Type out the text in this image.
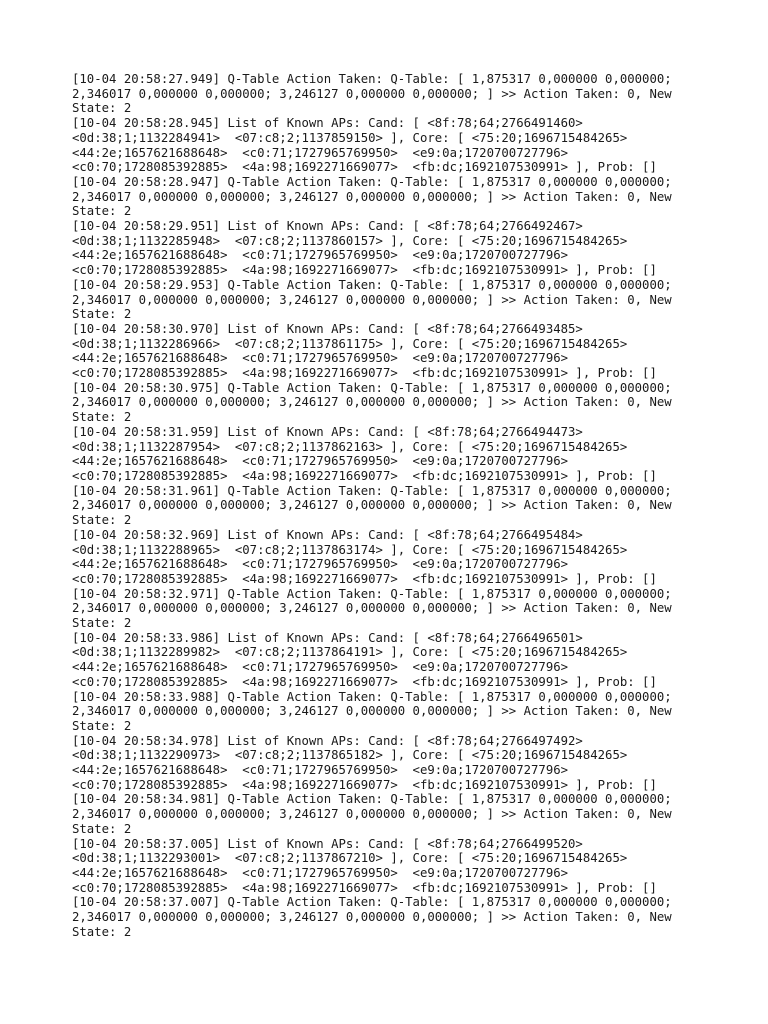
[10-04 20:58:27.949] Q-Table Action Taken: Q-Table: [ 1,875317 0,000000 0,000000;

2,346017 0,000000 0,000000; 3,246127 0,000000 0,000000; ] >> Action Taken: 0, New

State: 2

[10-04 20:58:28.945] List of Known APs: Cand: [ <8f:78;64;2766491460>

<0d:38;1;1132284941>  <07:c8;2;1137859150> ], Core: [ <75:20;1696715484265>

<44:2e;1657621688648>  <c0:71;1727965769950>  <e9:0a;1720700727796>

<c0:70;1728085392885>  <4a:98;1692271669077>  <fb:dc;1692107530991> ], Prob: []

[10-04 20:58:28.947] Q-Table Action Taken: Q-Table: [ 1,875317 0,000000 0,000000;

2,346017 0,000000 0,000000; 3,246127 0,000000 0,000000; ] >> Action Taken: 0, New

State: 2

[10-04 20:58:29.951] List of Known APs: Cand: [ <8f:78;64;2766492467>

<0d:38;1;1132285948>  <07:c8;2;1137860157> ], Core: [ <75:20;1696715484265>

<44:2e;1657621688648>  <c0:71;1727965769950>  <e9:0a;1720700727796>

<c0:70;1728085392885>  <4a:98;1692271669077>  <fb:dc;1692107530991> ], Prob: []

[10-04 20:58:29.953] Q-Table Action Taken: Q-Table: [ 1,875317 0,000000 0,000000;

2,346017 0,000000 0,000000; 3,246127 0,000000 0,000000; ] >> Action Taken: 0, New

State: 2

[10-04 20:58:30.970] List of Known APs: Cand: [ <8f:78;64;2766493485>

<0d:38;1;1132286966>  <07:c8;2;1137861175> ], Core: [ <75:20;1696715484265>

<44:2e;1657621688648>  <c0:71;1727965769950>  <e9:0a;1720700727796>

<c0:70;1728085392885>  <4a:98;1692271669077>  <fb:dc;1692107530991> ], Prob: []

[10-04 20:58:30.975] Q-Table Action Taken: Q-Table: [ 1,875317 0,000000 0,000000;

2,346017 0,000000 0,000000; 3,246127 0,000000 0,000000; ] >> Action Taken: 0, New

State: 2

[10-04 20:58:31.959] List of Known APs: Cand: [ <8f:78;64;2766494473>

<0d:38;1;1132287954>  <07:c8;2;1137862163> ], Core: [ <75:20;1696715484265>

<44:2e;1657621688648>  <c0:71;1727965769950>  <e9:0a;1720700727796>

<c0:70;1728085392885>  <4a:98;1692271669077>  <fb:dc;1692107530991> ], Prob: []

[10-04 20:58:31.961] Q-Table Action Taken: Q-Table: [ 1,875317 0,000000 0,000000;

2,346017 0,000000 0,000000; 3,246127 0,000000 0,000000; ] >> Action Taken: 0, New

State: 2

[10-04 20:58:32.969] List of Known APs: Cand: [ <8f:78;64;2766495484>

<0d:38;1;1132288965>  <07:c8;2;1137863174> ], Core: [ <75:20;1696715484265>

<44:2e;1657621688648>  <c0:71;1727965769950>  <e9:0a;1720700727796>

<c0:70;1728085392885>  <4a:98;1692271669077>  <fb:dc;1692107530991> ], Prob: []

[10-04 20:58:32.971] Q-Table Action Taken: Q-Table: [ 1,875317 0,000000 0,000000;

2,346017 0,000000 0,000000; 3,246127 0,000000 0,000000; ] >> Action Taken: 0, New

State: 2

[10-04 20:58:33.986] List of Known APs: Cand: [ <8f:78;64;2766496501>

<0d:38;1;1132289982>  <07:c8;2;1137864191> ], Core: [ <75:20;1696715484265>

<44:2e;1657621688648>  <c0:71;1727965769950>  <e9:0a;1720700727796>

<c0:70;1728085392885>  <4a:98;1692271669077>  <fb:dc;1692107530991> ], Prob: []

[10-04 20:58:33.988] Q-Table Action Taken: Q-Table: [ 1,875317 0,000000 0,000000;

2,346017 0,000000 0,000000; 3,246127 0,000000 0,000000; ] >> Action Taken: 0, New

State: 2

[10-04 20:58:34.978] List of Known APs: Cand: [ <8f:78;64;2766497492>

<0d:38;1;1132290973>  <07:c8;2;1137865182> ], Core: [ <75:20;1696715484265>

<44:2e;1657621688648>  <c0:71;1727965769950>  <e9:0a;1720700727796>

<c0:70;1728085392885>  <4a:98;1692271669077>  <fb:dc;1692107530991> ], Prob: []

[10-04 20:58:34.981] Q-Table Action Taken: Q-Table: [ 1,875317 0,000000 0,000000;

2,346017 0,000000 0,000000; 3,246127 0,000000 0,000000; ] >> Action Taken: 0, New

State: 2

[10-04 20:58:37.005] List of Known APs: Cand: [ <8f:78;64;2766499520>

<0d:38;1;1132293001>  <07:c8;2;1137867210> ], Core: [ <75:20;1696715484265>

<44:2e;1657621688648>  <c0:71;1727965769950>  <e9:0a;1720700727796>

<c0:70;1728085392885>  <4a:98;1692271669077>  <fb:dc;1692107530991> ], Prob: []

[10-04 20:58:37.007] Q-Table Action Taken: Q-Table: [ 1,875317 0,000000 0,000000;

2,346017 0,000000 0,000000; 3,246127 0,000000 0,000000; ] >> Action Taken: 0, New

State: 2
